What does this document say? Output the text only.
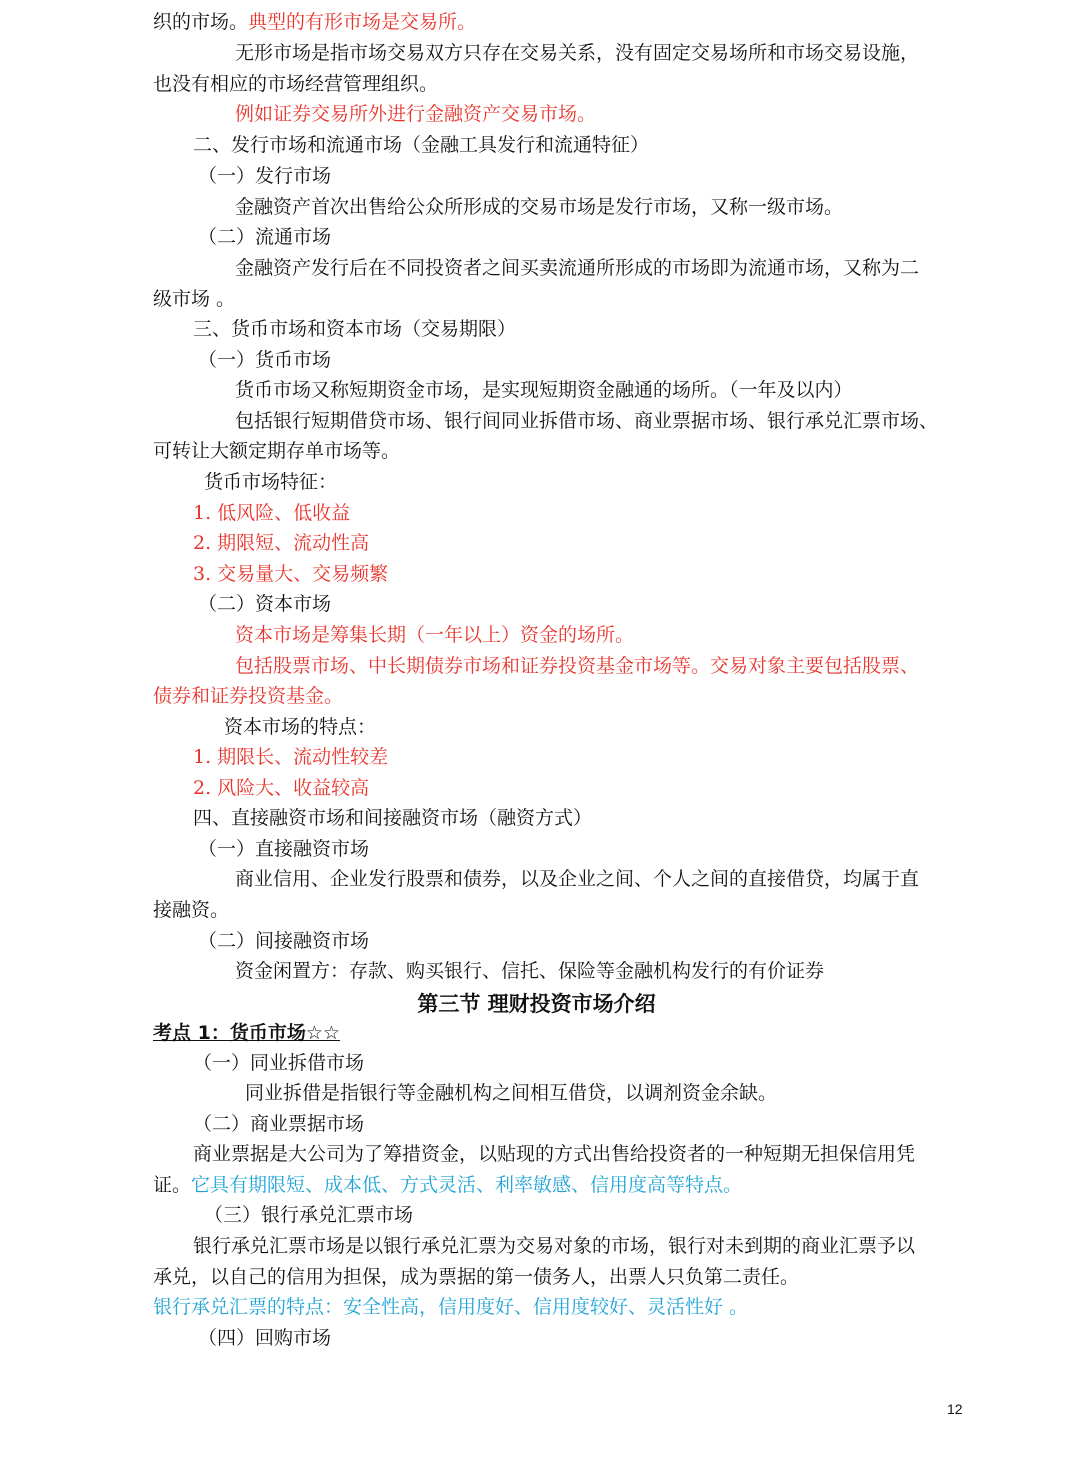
织的市场。典型的有形市场是交易所。
无形市场是指市场交易双方只存在交易关系，没有固定交易场所和市场交易设施，
也没有相应的市场经营管理组织。
例如证券交易所外进行金融资产交易市场。
二、发行市场和流通市场（金融工具发行和流通特征）
（一）发行市场
金融资产首次出售给公众所形成的交易市场是发行市场，又称一级市场。
（二）流通市场
金融资产发行后在不同投资者之间买卖流通所形成的市场即为流通市场，又称为二
级市场 。
三、货币市场和资本市场（交易期限）
（一）货币市场
货币市场又称短期资金市场，是实现短期资金融通的场所。（一年及以内）
包括银行短期借贷市场、银行间同业拆借市场、商业票据市场、银行承兑汇票市场、
可转让大额定期存单市场等。
货币市场特征：
1. 低风险、低收益
2. 期限短、流动性高
3. 交易量大、交易频繁
（二）资本市场
资本市场是筹集长期（一年以上）资金的场所。
包括股票市场、中长期债券市场和证券投资基金市场等。交易对象主要包括股票、
债券和证券投资基金。
资本市场的特点：
1. 期限长、流动性较差
2. 风险大、收益较高
四、直接融资市场和间接融资市场（融资方式）
（一）直接融资市场
商业信用、企业发行股票和债券，以及企业之间、个人之间的直接借贷，均属于直
接融资。
（二）间接融资市场
资金闲置方：存款、购买银行、信托、保险等金融机构发行的有价证券
第三节 理财投资市场介绍
考点 1：货币市场☆☆
（一）同业拆借市场
同业拆借是指银行等金融机构之间相互借贷，以调剂资金余缺。
（二）商业票据市场
商业票据是大公司为了筹措资金，以贴现的方式出售给投资者的一种短期无担保信用凭
证。它具有期限短、成本低、方式灵活、利率敏感、信用度高等特点。
（三）银行承兑汇票市场
银行承兑汇票市场是以银行承兑汇票为交易对象的市场，银行对未到期的商业汇票予以
承兑，以自己的信用为担保，成为票据的第一债务人，出票人只负第二责任。
银行承兑汇票的特点：安全性高，信用度好、信用度较好、灵活性好 。
（四）回购市场
12
